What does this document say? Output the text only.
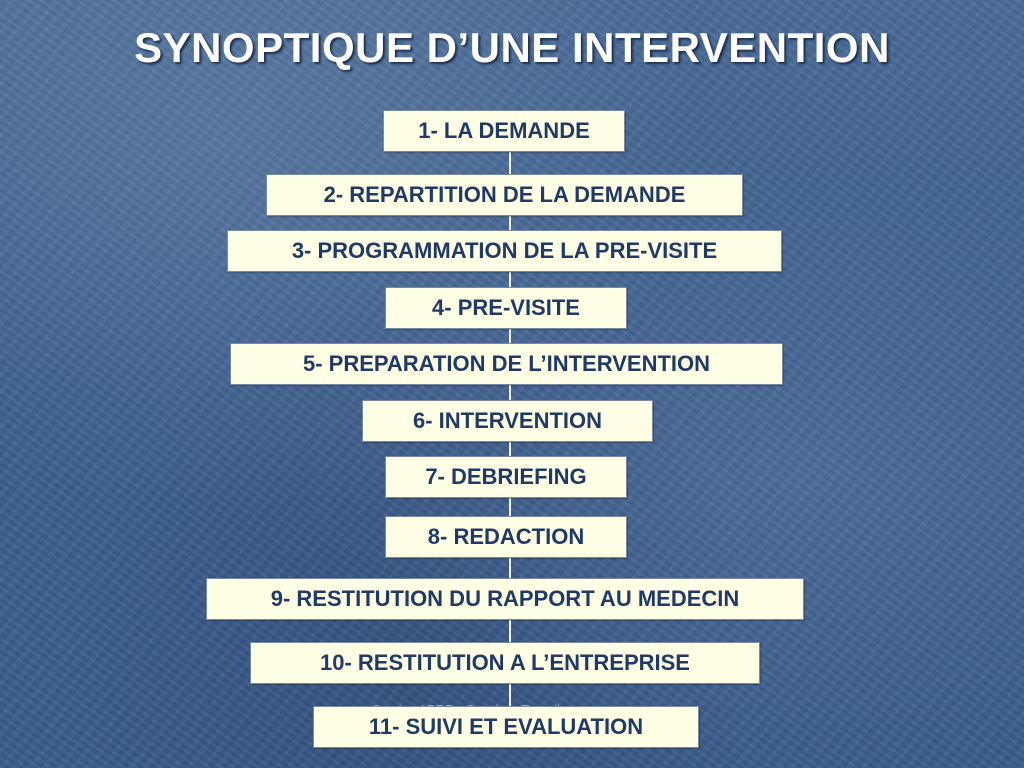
SYNOPTIQUE D’UNE INTERVENTION
1- LA DEMANDE
2- REPARTITION DE LA DEMANDE
3- PROGRAMMATION DE LA PRE-VISITE
4- PRE-VISITE
5- PREPARATION DE L’INTERVENTION
6- INTERVENTION
7- DEBRIEFING
8- REDACTION
9- RESTITUTION DU RAPPORT AU MEDECIN
10- RESTITUTION A L’ENTREPRISE
11- SUIVI ET EVALUATION
